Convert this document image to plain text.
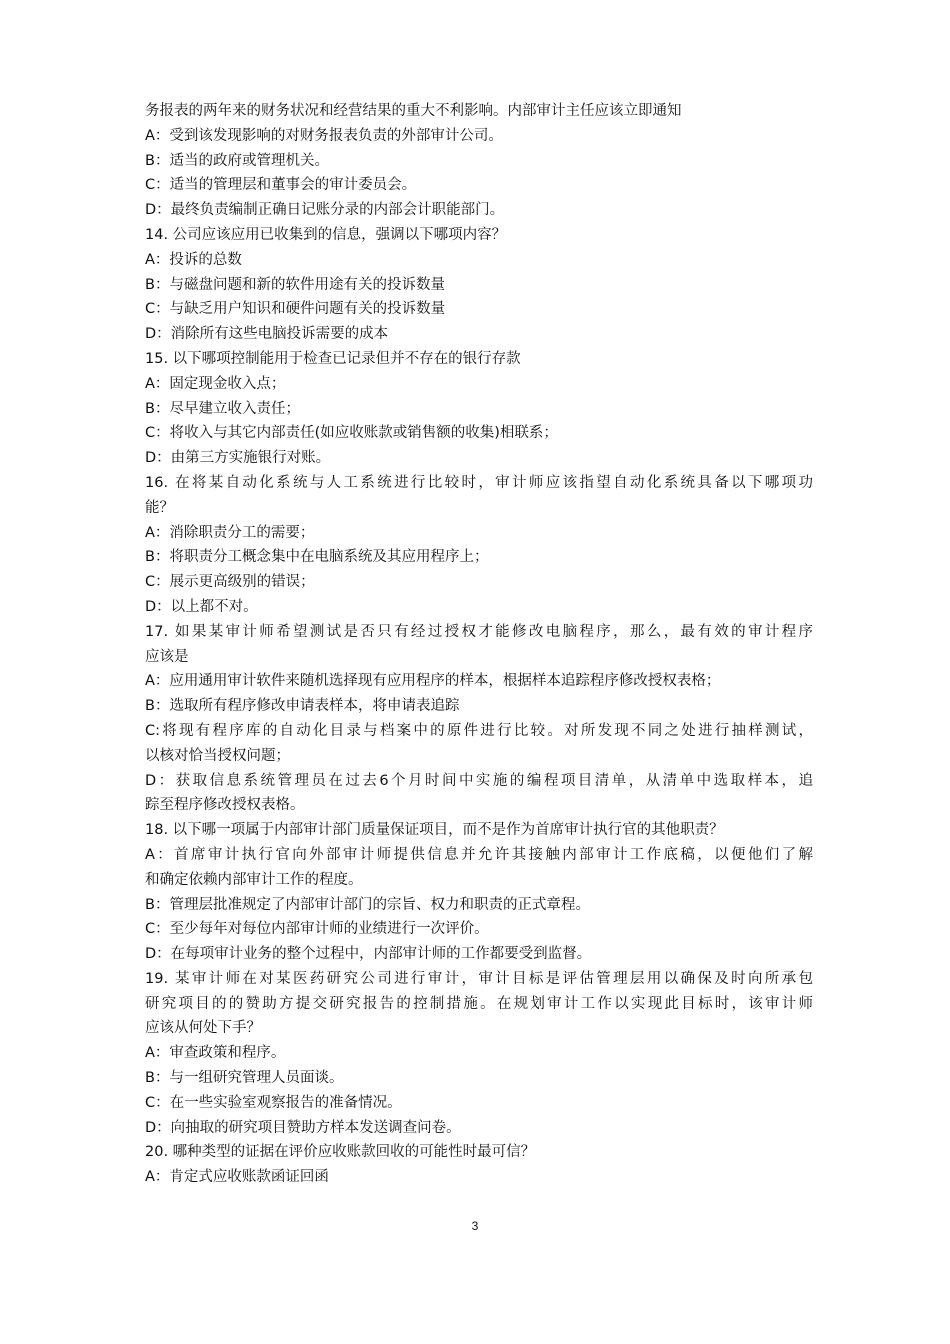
务报表的两年来的财务状况和经营结果的重大不利影响。内部审计主任应该立即通知
A：受到该发现影响的对财务报表负责的外部审计公司。
B：适当的政府或管理机关。
C：适当的管理层和董事会的审计委员会。
D：最终负责编制正确日记账分录的内部会计职能部门。
14. 公司应该应用已收集到的信息，强调以下哪项内容？
A：投诉的总数
B：与磁盘问题和新的软件用途有关的投诉数量
C：与缺乏用户知识和硬件问题有关的投诉数量
D：消除所有这些电脑投诉需要的成本
15. 以下哪项控制能用于检查已记录但并不存在的银行存款
A：固定现金收入点；
B：尽早建立收入责任；
C：将收入与其它内部责任(如应收账款或销售额的收集)相联系；
D：由第三方实施银行对账。
16. 在将某自动化系统与人工系统进行比较时，审计师应该指望自动化系统具备以下哪项功
能？
A：消除职责分工的需要；
B：将职责分工概念集中在电脑系统及其应用程序上；
C：展示更高级别的错误；
D：以上都不对。
17. 如果某审计师希望测试是否只有经过授权才能修改电脑程序，那么，最有效的审计程序
应该是
A：应用通用审计软件来随机选择现有应用程序的样本，根据样本追踪程序修改授权表格；
B：选取所有程序修改申请表样本，将申请表追踪
C:将现有程序库的自动化目录与档案中的原件进行比较。对所发现不同之处进行抽样测试，
以核对恰当授权问题；
D：获取信息系统管理员在过去6个月时间中实施的编程项目清单，从清单中选取样本，追
踪至程序修改授权表格。
18. 以下哪一项属于内部审计部门质量保证项目，而不是作为首席审计执行官的其他职责？
A：首席审计执行官向外部审计师提供信息并允许其接触内部审计工作底稿，以便他们了解
和确定依赖内部审计工作的程度。
B：管理层批准规定了内部审计部门的宗旨、权力和职责的正式章程。
C：至少每年对每位内部审计师的业绩进行一次评价。
D：在每项审计业务的整个过程中，内部审计师的工作都要受到监督。
19. 某审计师在对某医药研究公司进行审计，审计目标是评估管理层用以确保及时向所承包
研究项目的的赞助方提交研究报告的控制措施。在规划审计工作以实现此目标时，该审计师
应该从何处下手？
A：审查政策和程序。
B：与一组研究管理人员面谈。
C：在一些实验室观察报告的准备情况。
D：向抽取的研究项目赞助方样本发送调查问卷。
20. 哪种类型的证据在评价应收账款回收的可能性时最可信？
A：肯定式应收账款函证回函
3
